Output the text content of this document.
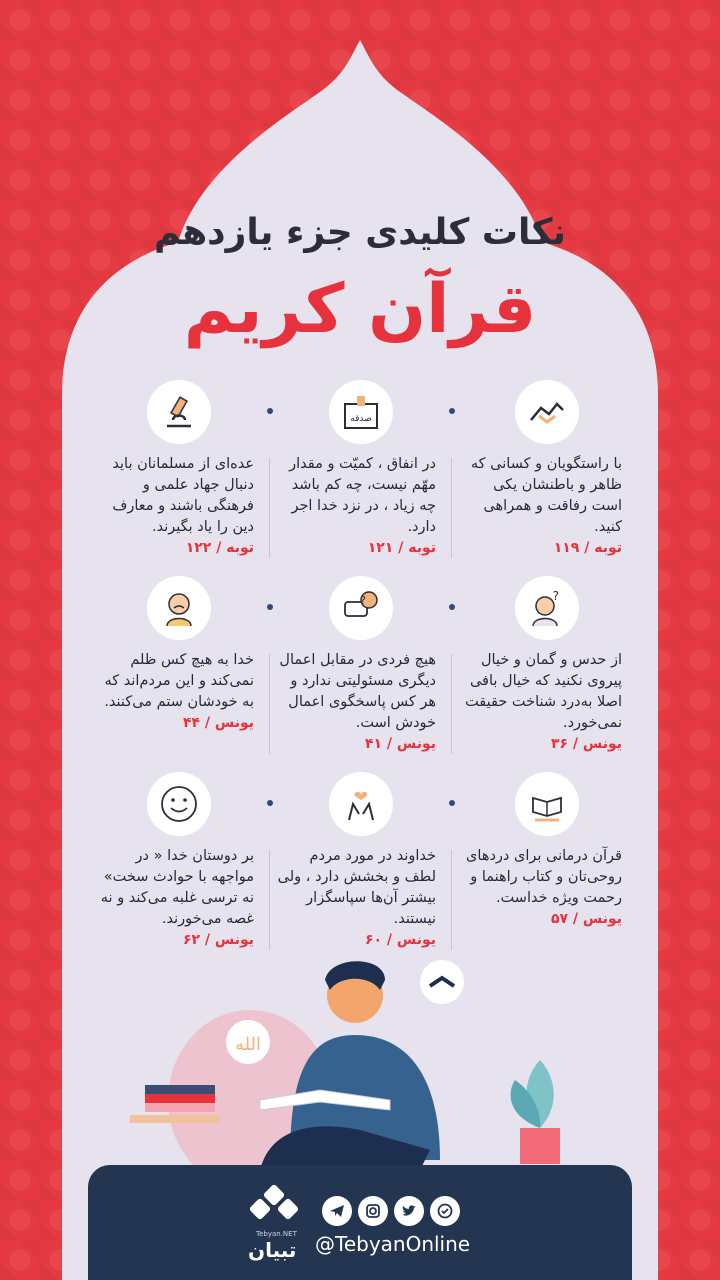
نکات کلیدی جزء یازدهم
قرآن کریم
با راستگویان و کسانی که ظاهر و باطنشان یکی است رفاقت و همراهی کنید.
توبه / ۱۱۹
صدقه
در انفاق ، کمیّت و مقدار مهّم نیست، چه کم باشد چه زیاد ، در نزد خدا اجر دارد.
توبه / ۱۲۱
عده‌ای از مسلمانان باید دنبال جهاد علمی و فرهنگی باشند و معارف دین را یاد بگیرند.
توبه / ۱۲۲
?
از حدس و گمان و خیال پیروی نکنید که خیال بافی اصلا به‌درد شناخت حقیقت نمی‌خورد.
یونس / ۳۶
?
هیچ فردی در مقابل اعمال دیگری مسئولیتی ندارد و هر کس پاسخگوی اعمال خودش است.
یونس / ۴۱
خدا به هیچ کس ظلم نمی‌کند و این مردم‌اند که به خودشان ستم می‌کنند.
یونس / ۴۴
قرآن درمانی برای دردهای روحی‌تان و کتاب راهنما و رحمت ویژه خداست.
یونس / ۵۷
خداوند در مورد مردم لطف و بخشش دارد ، ولی بیشتر آن‌ها سپاسگزار نیستند.
یونس / ۶۰
بر دوستان خدا « در مواجهه با حوادث سخت» نه ترسی غلبه می‌کند و نه غصه می‌خورند.
یونس / ۶۲
الله
Tebyan.NET
تبیان @TebyanOnline
